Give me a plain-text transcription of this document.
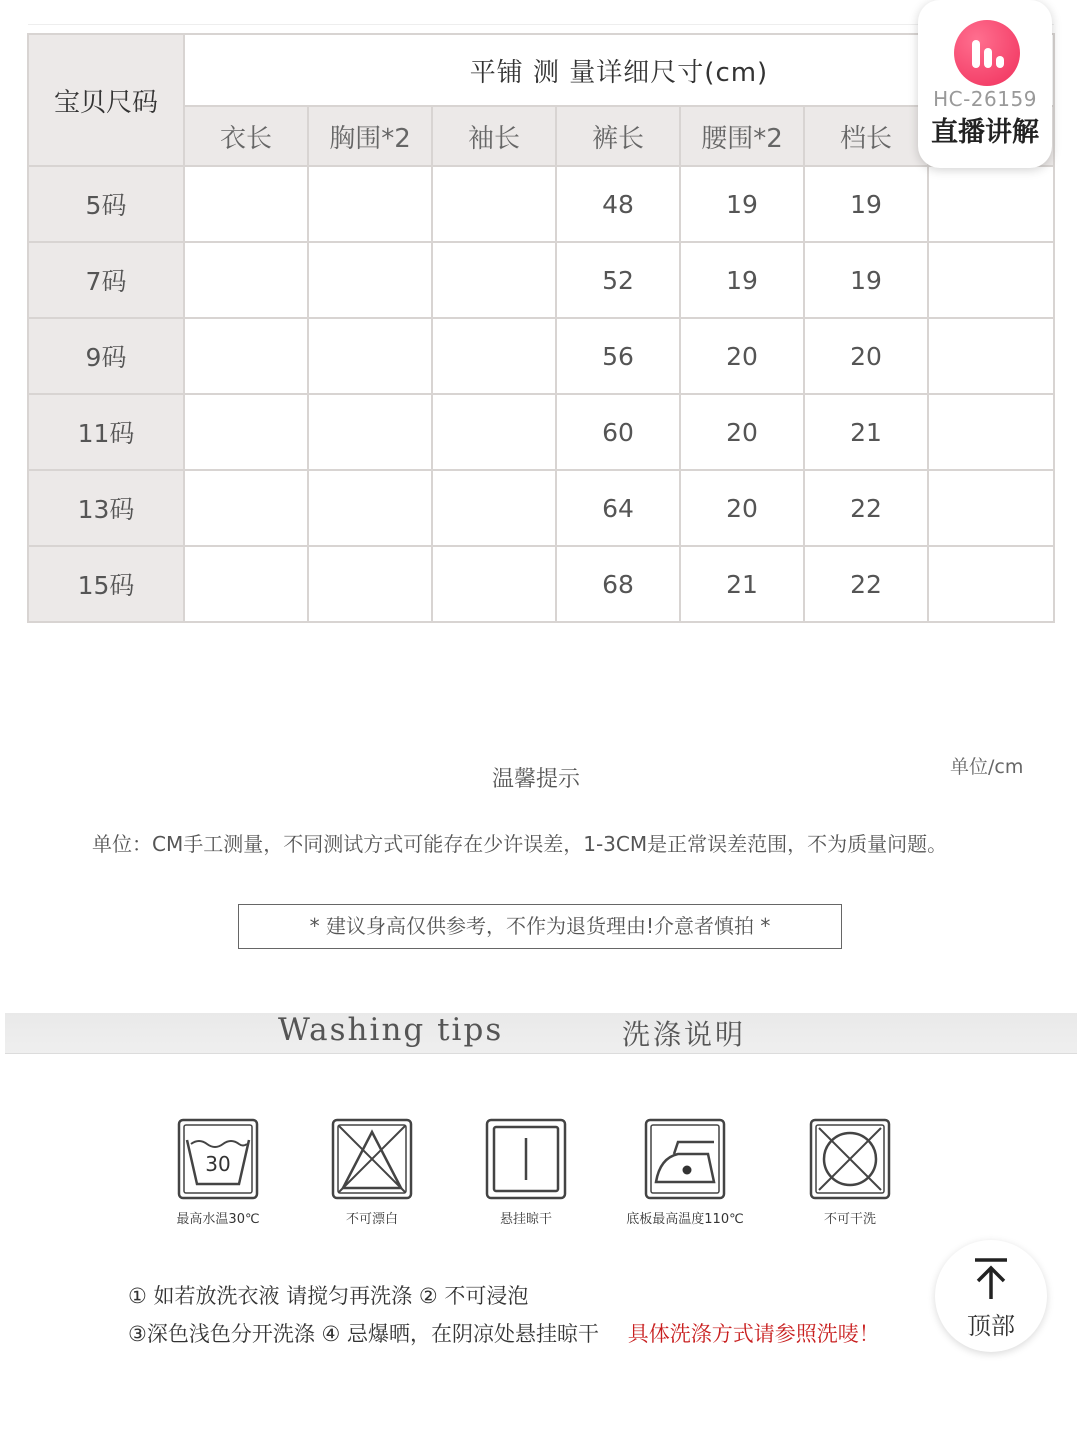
宝贝尺码	平铺 测 量详细尺寸(cm)						
	衣长	胸围*2	袖长	裤长	腰围*2	档长	
5码				48	19	19	
7码				52	19	19	
9码				56	20	20	
11码				60	20	21	
13码				64	20	22	
15码				68	21	22	
HC-26159
直播讲解
单位/cm
温馨提示
单位：CM手工测量，不同测试方式可能存在少许误差，1-3CM是正常误差范围，不为质量问题。
* 建议身高仅供参考，不作为退货理由!介意者慎拍 *
Washing tips	洗涤说明
30
最高水温30℃	不可漂白	悬挂晾干	底板最高温度110℃	不可干洗
① 如若放洗衣液 请搅匀再洗涤 ② 不可浸泡
③深色浅色分开洗涤 ④ 忌爆晒，在阴凉处悬挂晾干 具体洗涤方式请参照洗唛！	顶部
